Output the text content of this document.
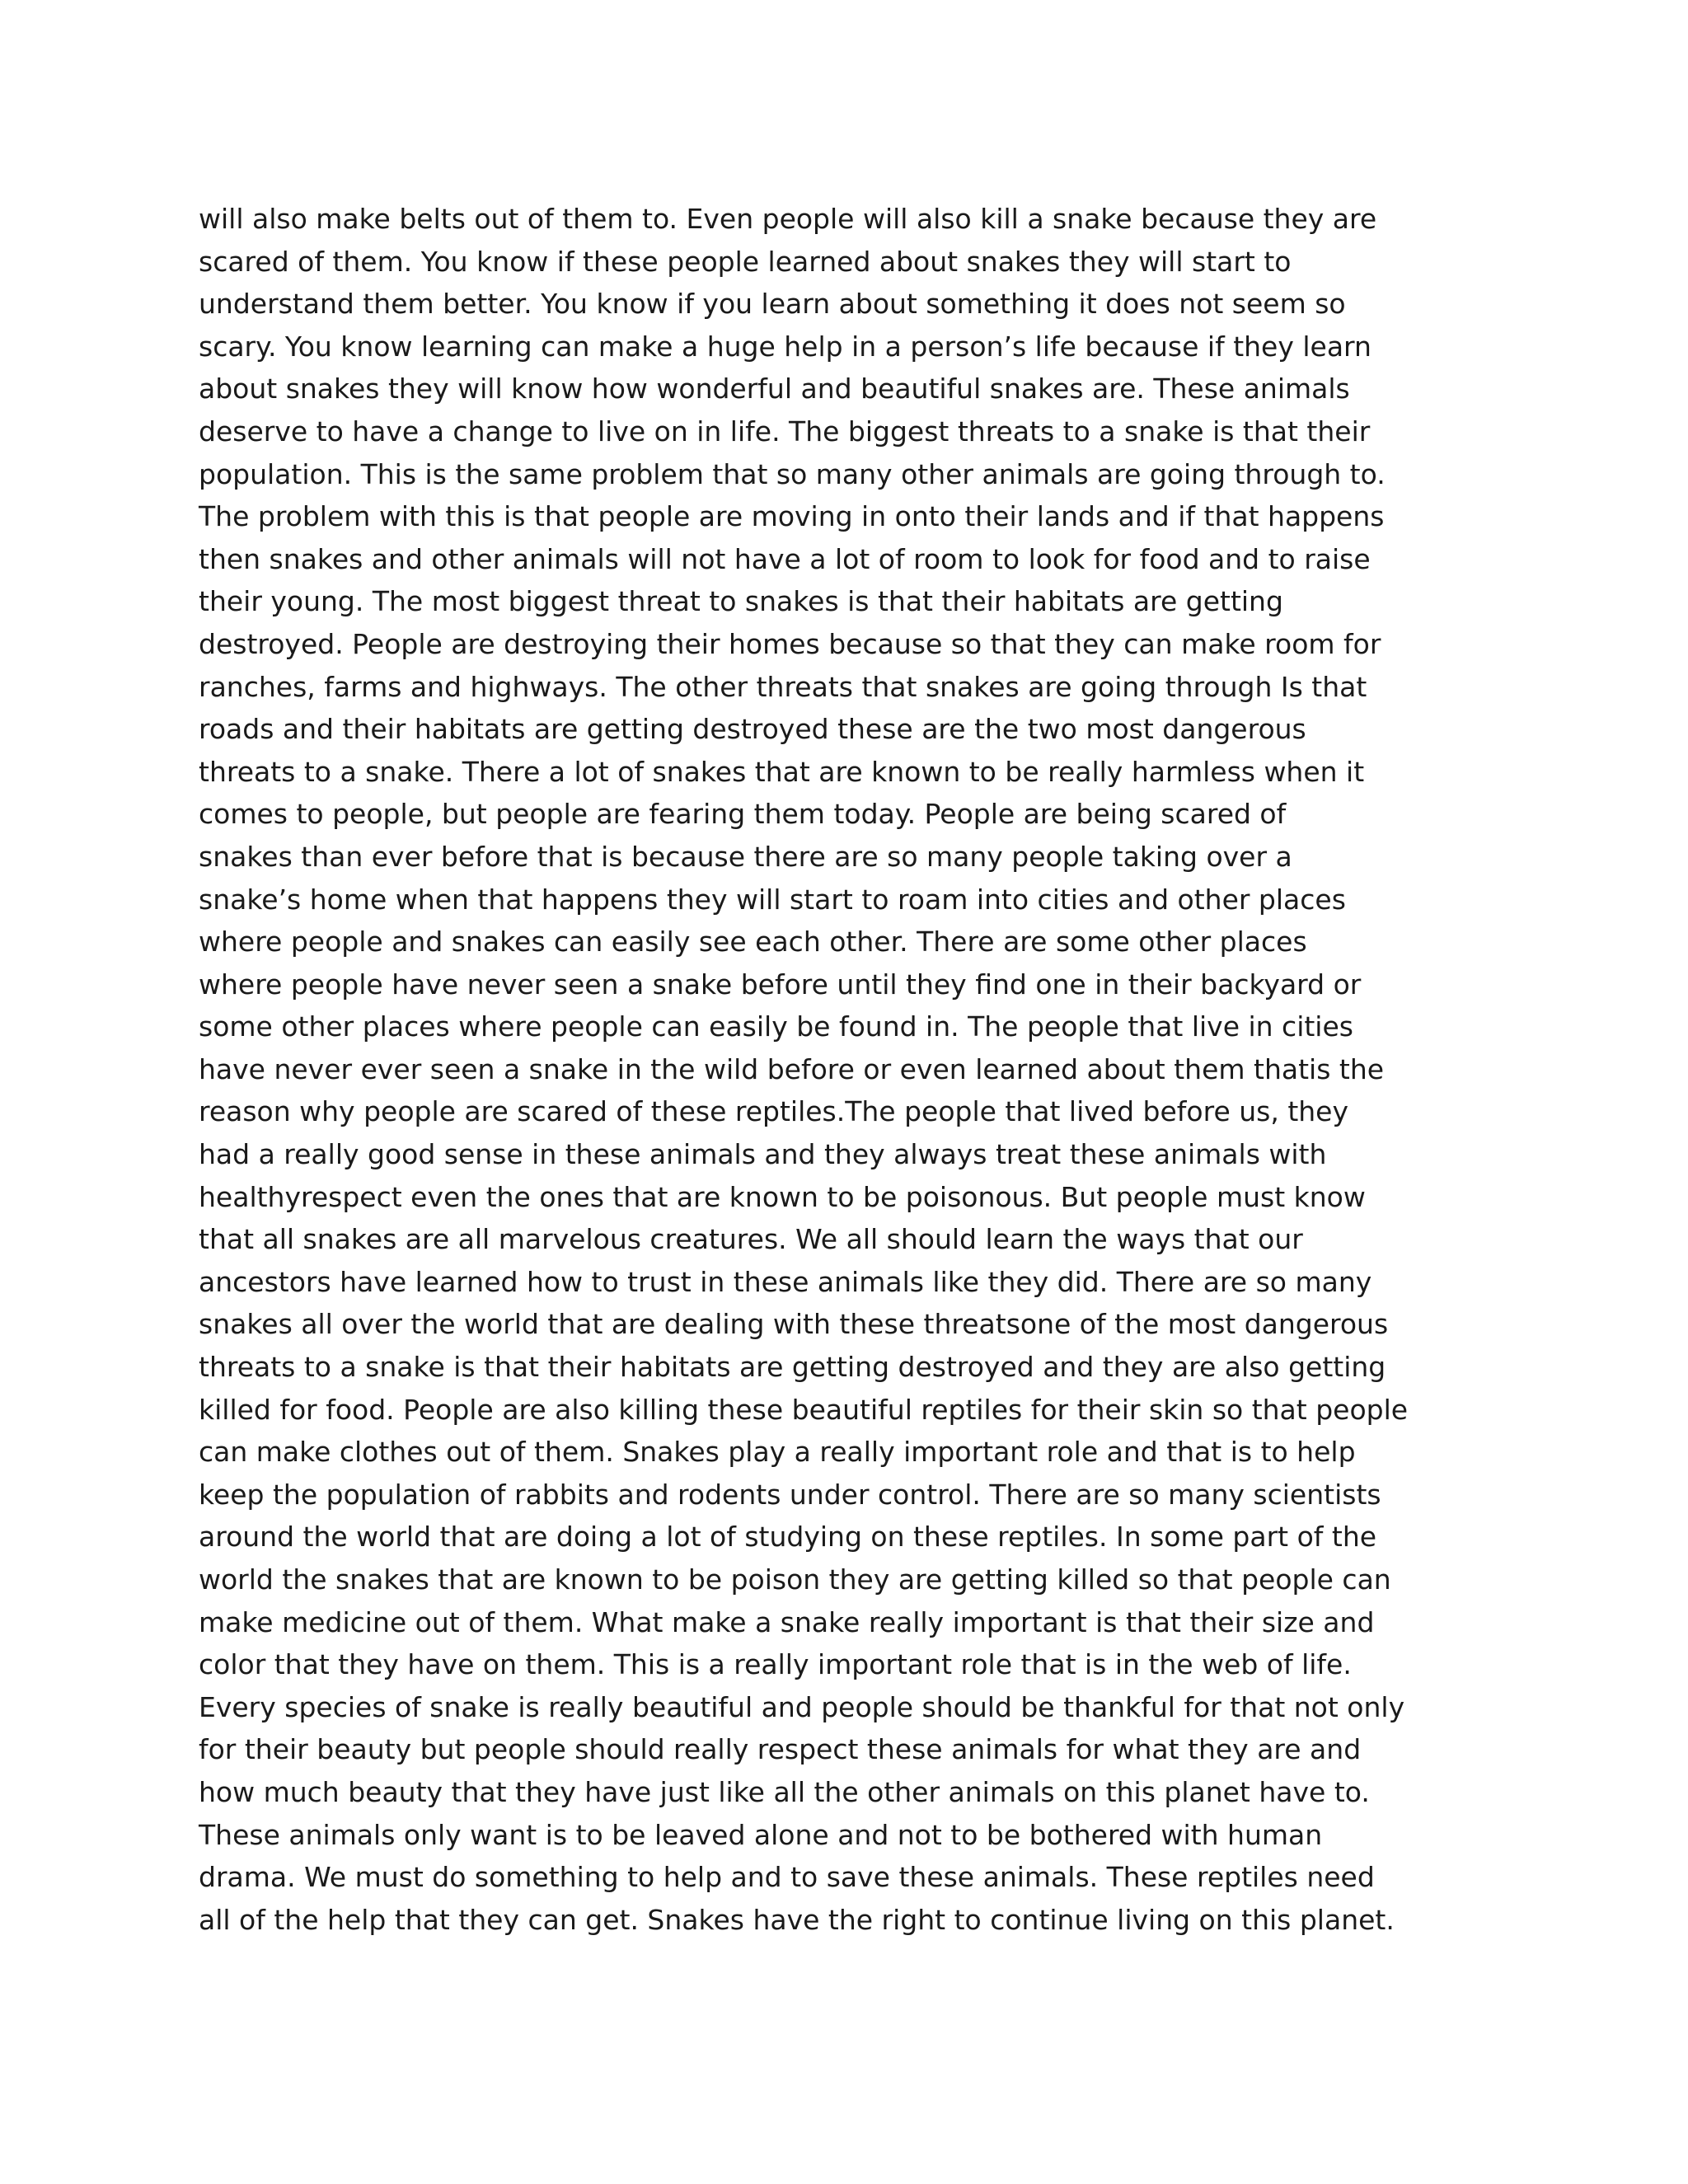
will also make belts out of them to. Even people will also kill a snake because they are
scared of them. You know if these people learned about snakes they will start to
understand them better. You know if you learn about something it does not seem so
scary. You know learning can make a huge help in a person’s life because if they learn
about snakes they will know how wonderful and beautiful snakes are. These animals
deserve to have a change to live on in life. The biggest threats to a snake is that their
population. This is the same problem that so many other animals are going through to.
The problem with this is that people are moving in onto their lands and if that happens
then snakes and other animals will not have a lot of room to look for food and to raise
their young. The most biggest threat to snakes is that their habitats are getting
destroyed. People are destroying their homes because so that they can make room for
ranches, farms and highways. The other threats that snakes are going through Is that
roads and their habitats are getting destroyed these are the two most dangerous
threats to a snake. There a lot of snakes that are known to be really harmless when it
comes to people, but people are fearing them today. People are being scared of
snakes than ever before that is because there are so many people taking over a
snake’s home when that happens they will start to roam into cities and other places
where people and snakes can easily see each other. There are some other places
where people have never seen a snake before until they find one in their backyard or
some other places where people can easily be found in. The people that live in cities
have never ever seen a snake in the wild before or even learned about them thatis the
reason why people are scared of these reptiles.The people that lived before us, they
had a really good sense in these animals and they always treat these animals with
healthyrespect even the ones that are known to be poisonous. But people must know
that all snakes are all marvelous creatures. We all should learn the ways that our
ancestors have learned how to trust in these animals like they did. There are so many
snakes all over the world that are dealing with these threatsone of the most dangerous
threats to a snake is that their habitats are getting destroyed and they are also getting
killed for food. People are also killing these beautiful reptiles for their skin so that people
can make clothes out of them. Snakes play a really important role and that is to help
keep the population of rabbits and rodents under control. There are so many scientists
around the world that are doing a lot of studying on these reptiles. In some part of the
world the snakes that are known to be poison they are getting killed so that people can
make medicine out of them. What make a snake really important is that their size and
color that they have on them. This is a really important role that is in the web of life.
Every species of snake is really beautiful and people should be thankful for that not only
for their beauty but people should really respect these animals for what they are and
how much beauty that they have just like all the other animals on this planet have to.
These animals only want is to be leaved alone and not to be bothered with human
drama. We must do something to help and to save these animals. These reptiles need
all of the help that they can get. Snakes have the right to continue living on this planet.
